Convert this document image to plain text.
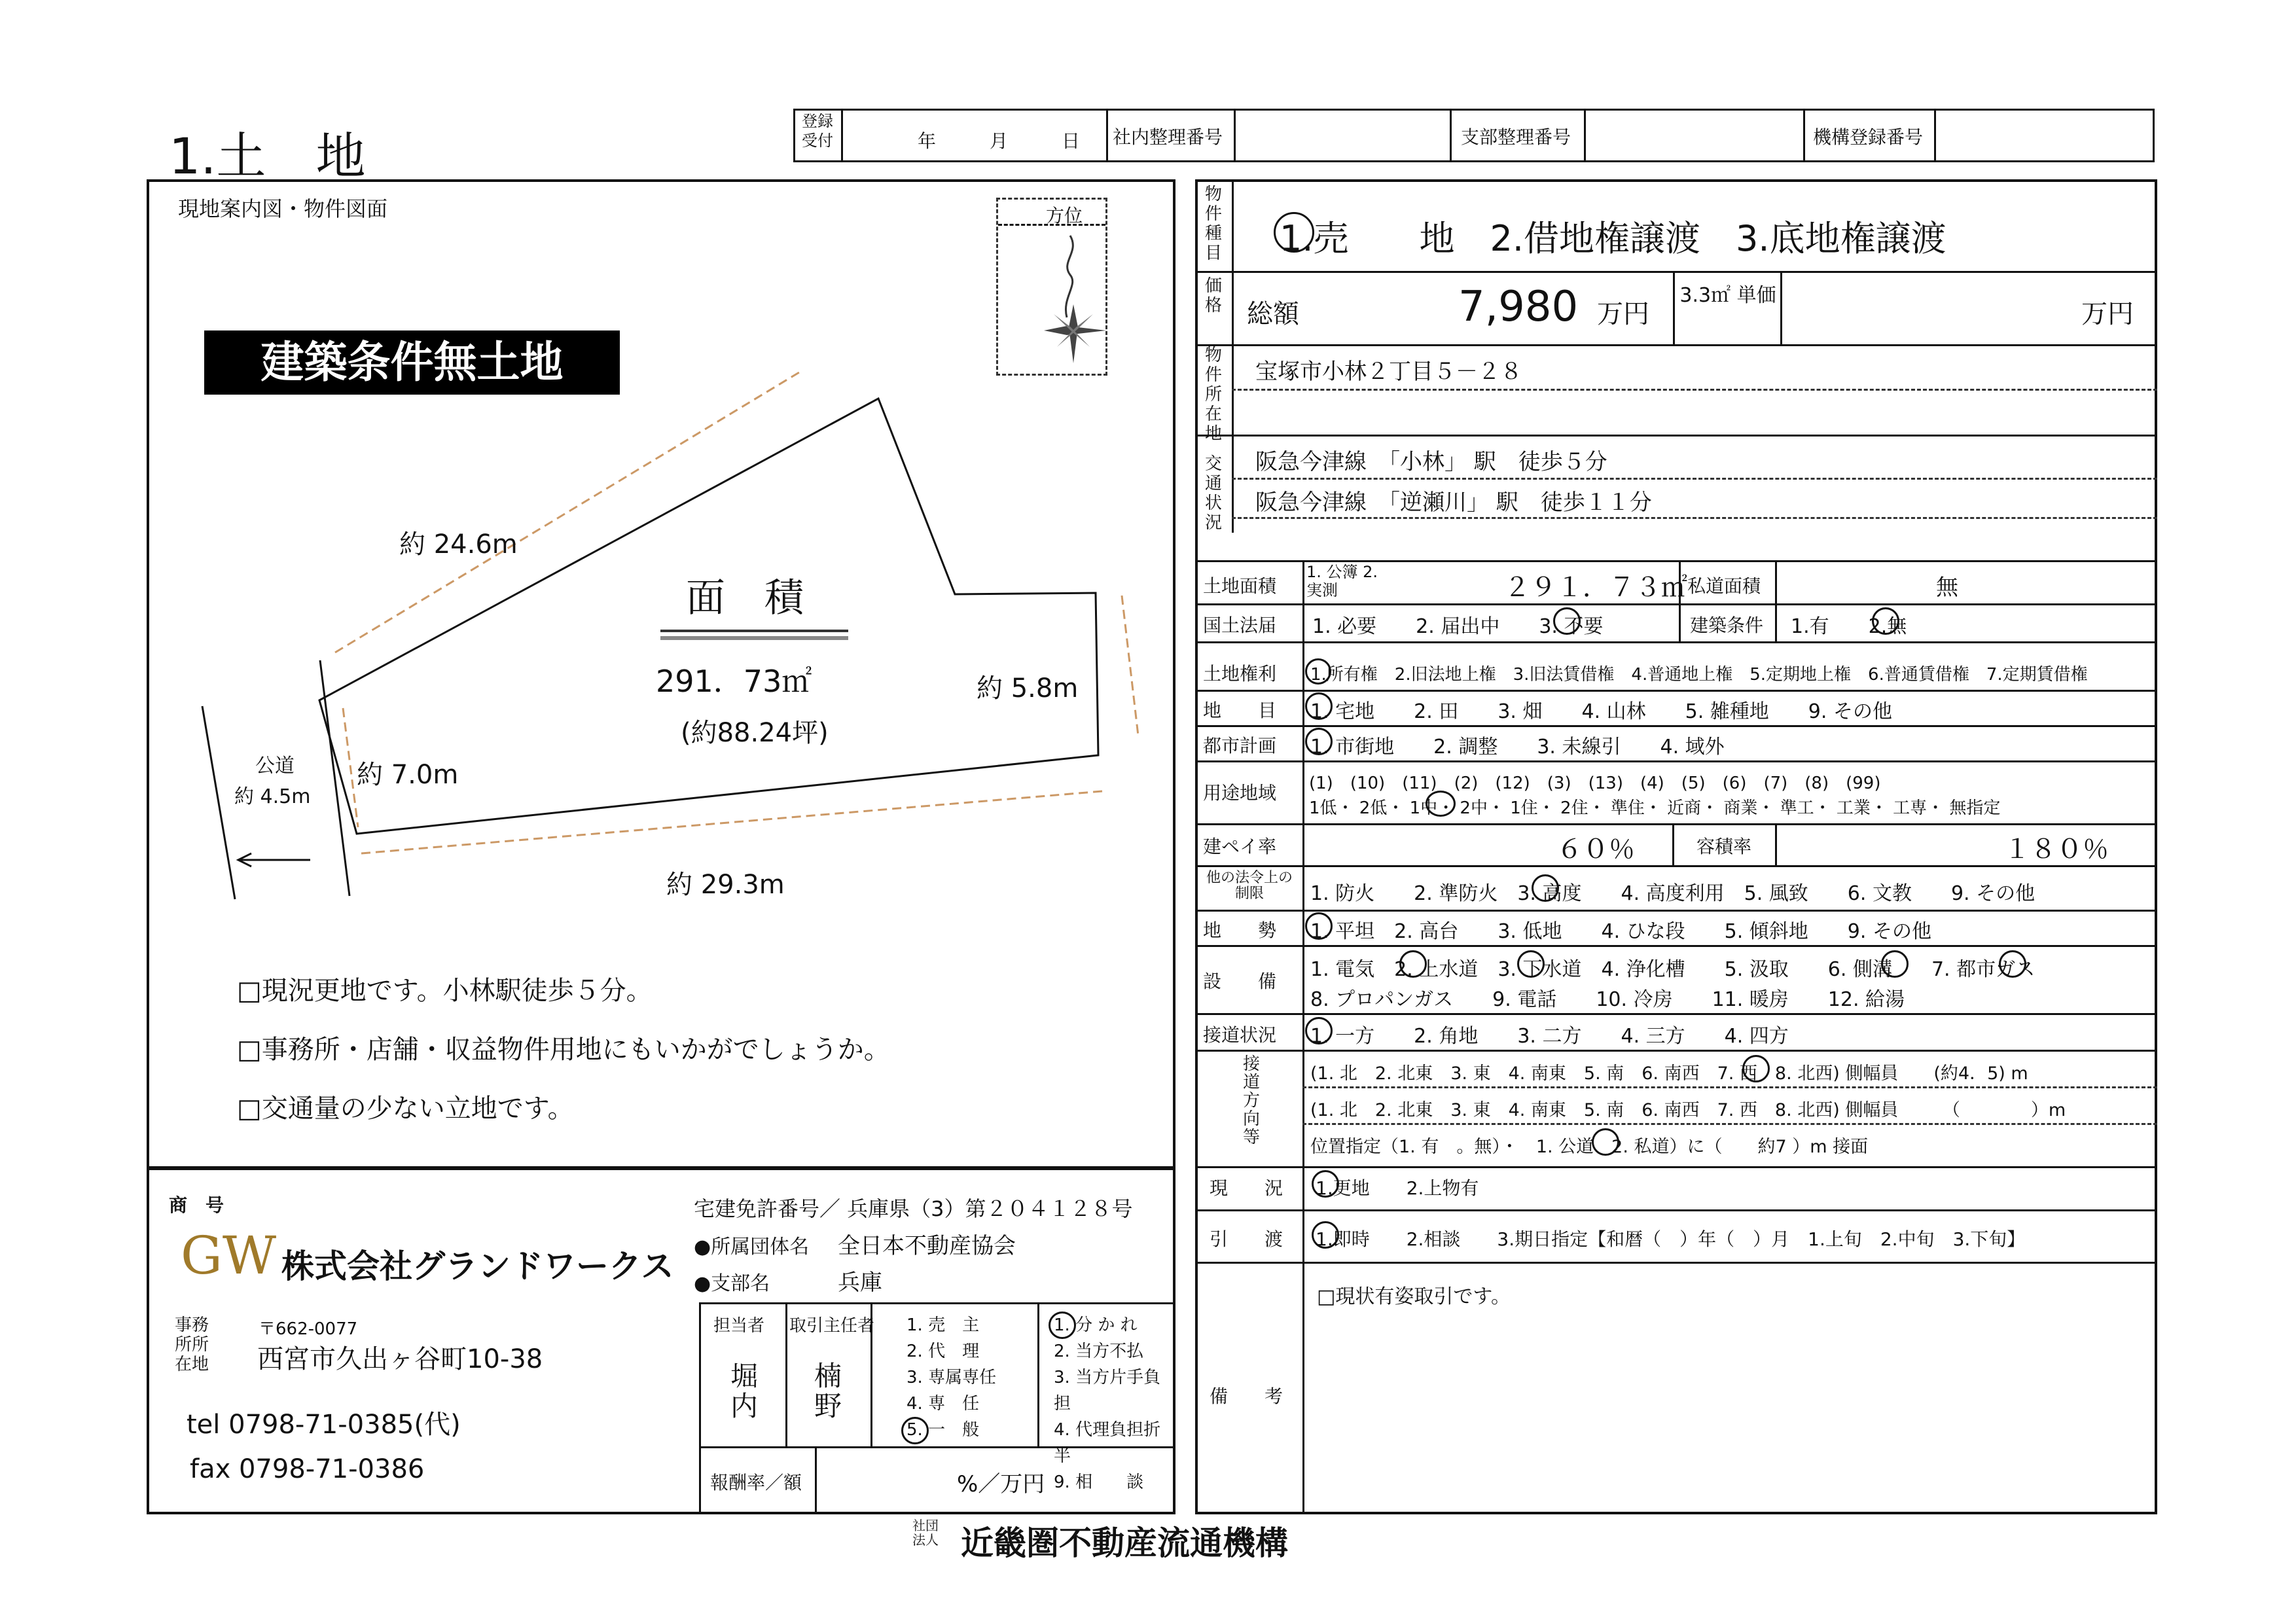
1.土　地
登録受付	年	月	日 社内整理番号	支部整理番号	機構登録番号
現地案内図・物件図面
建築条件無土地
方位
面　積
291．73㎡
(約88.24坪)
約 24.6m
約 5.8m
約 7.0m
約 29.3m
公道
約 4.5m
□現況更地です。小林駅徒歩５分。
□事務所・店舗・収益物件用地にもいかがでしょうか。
□交通量の少ない立地です。
商　号	宅建免許番号／ 兵庫県（3）第２０４１２８号
●所属団体名 全日本不動産協会
●支部名	兵庫
GW 株式会社グランドワークス
事務所所在地
〒662-0077
西宮市久出ヶ谷町10-38
tel 0798-71-0385(代)
fax 0798-71-0386
担当者 取引主任者
堀内
楠野
1. 売　主
2. 代　理
3. 専属専任
4. 専　任
5. 一　般
1. 分 か れ
2. 当方不払
3. 当方片手負担
4. 代理負担折半
9. 相　　談
報酬率／額	%／万円
社団法人 近畿圏不動産流通機構
物件種目 1.売　　地　2.借地権譲渡　3.底地権譲渡
価格 総額	7,980 万円
3.3㎡ 単価
万円
物件所在地
宝塚市小林２丁目５－２８
交通状況
阪急今津線　「小林」 駅　徒歩５分
阪急今津線　「逆瀬川」 駅　徒歩１１分
土地面積
1. 公簿 2. 実測	２９１．７３㎡ 私道面積	無
国土法届 1. 必要　　2. 届出中　　3. 不要	建築条件 1.有　　2.無
土地権利 1.所有権　2.旧法地上権　3.旧法賃借権　4.普通地上権　5.定期地上権　6.普通賃借権　7.定期賃借権
地　　目 1. 宅地　　2. 田　　3. 畑　　4. 山林　　5. 雑種地　　9. その他
都市計画 1. 市街地　　2. 調整　　3. 未線引　　4. 域外
用途地域 (1)　(10)　(11)　(2)　(12)　(3)　(13)　(4)　(5)　(6)　(7)　(8)　(99)
1低・ 2低・ 1中・ 2中・ 1住・ 2住・ 準住・ 近商・ 商業・ 準工・ 工業・ 工専・ 無指定
建ペイ率	６０％	容積率	１８０％
他の法令上の制限	1. 防火　　2. 準防火　3. 高度　　4. 高度利用　5. 風致　　6. 文教　　9. その他
地　　勢 1. 平坦　2. 高台　　3. 低地　　4. ひな段　　5. 傾斜地　　9. その他
設　　備
1. 電気　2. 上水道　3. 下水道　4. 浄化槽　　5. 汲取　　6. 側溝　　7. 都市ガス
8. プロパンガス　　9. 電話　　10. 冷房　　11. 暖房　　12. 給湯
接道状況 1. 一方　　2. 角地　　3. 二方　　4. 三方　　4. 四方
接道方向等
(1. 北　2. 北東　3. 東　4. 南東　5. 南　6. 南西　7. 西　8. 北西) 側幅員　　(約4．5) m
(1. 北　2. 北東　3. 東　4. 南東　5. 南　6. 南西　7. 西　8. 北西) 側幅員　　　（　　　　）m
位置指定（1. 有　。無）・　1. 公道　2. 私道）に（　　約7 ）m 接面
現　　況 1.更地　　2.上物有
引　　渡 1.即時　　2.相談　　3.期日指定【和暦（　）年（　）月　1.上旬　2.中旬　3.下旬】
備　　考
□現状有姿取引です。
